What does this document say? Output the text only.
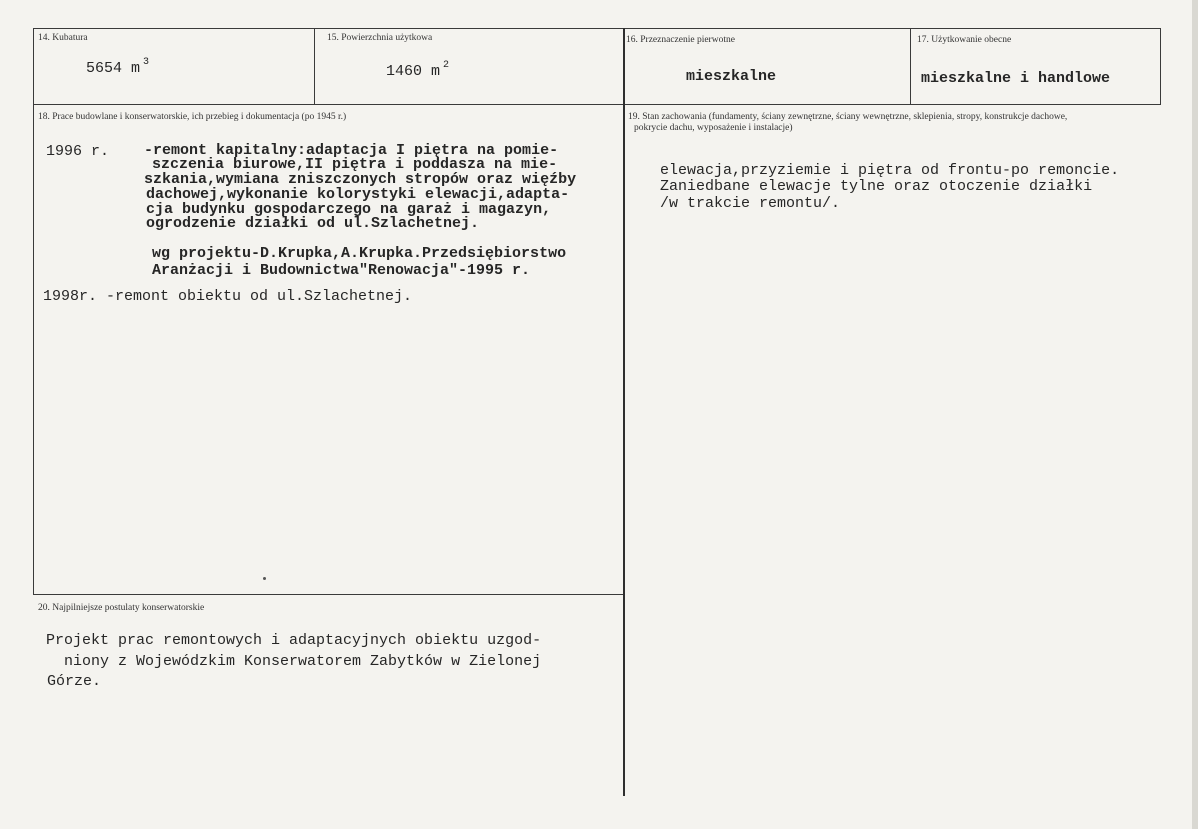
14. Kubatura
5654 m $^3$
15. Powierzchnia użytkowa
1460 m $^2$
16. Przeznaczenie pierwotne
mieszkalne
17. Użytkowanie obecne
mieszkalne i handlowe
18. Prace budowlane i konserwatorskie, ich przebieg i dokumentacja (po 1945 r.)
1996 r. -remont kapitalny:adaptacja I piętra na pomie-
szczenia biurowe,II piętra i poddasza na mie-
szkania,wymiana zniszczonych stropów oraz więźby
dachowej,wykonanie kolorystyki elewacji,adapta-
cja budynku gospodarczego na garaż i magazyn,
ogrodzenie działki od ul.Szlachetnej.
wg projektu-D.Krupka,A.Krupka.Przedsiębiorstwo
Aranżacji i Budownictwa"Renowacja"-1995 r.
1998r. -remont obiektu od ul.Szlachetnej.
19. Stan zachowania (fundamenty, ściany zewnętrzne, ściany wewnętrzne, sklepienia, stropy, konstrukcje dachowe,
pokrycie dachu, wyposażenie i instalacje)
elewacja,przyziemie i piętra od frontu-po remoncie.
Zaniedbane elewacje tylne oraz otoczenie działki
/w trakcie remontu/.
20. Najpilniejsze postulaty konserwatorskie
Projekt prac remontowych i adaptacyjnych obiektu uzgod-
niony z Wojewódzkim Konserwatorem Zabytków w Zielonej
Górze.
